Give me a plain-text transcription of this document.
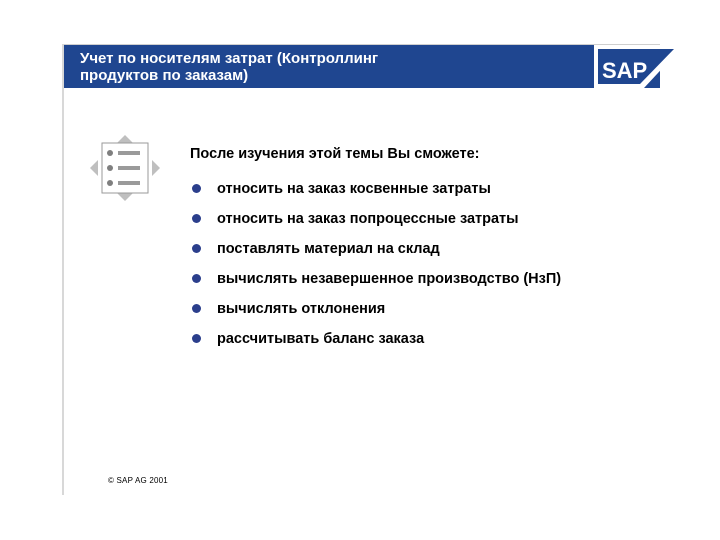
Учет по носителям затрат (Контроллинг
продуктов по заказам)	SAP

После изучения этой темы Вы сможете:

относить на заказ косвенные затраты
относить на заказ попроцессные затраты
поставлять материал на склад
вычислять незавершенное производство (НзП)
вычислять отклонения
рассчитывать баланс заказа
© SAP AG 2001
